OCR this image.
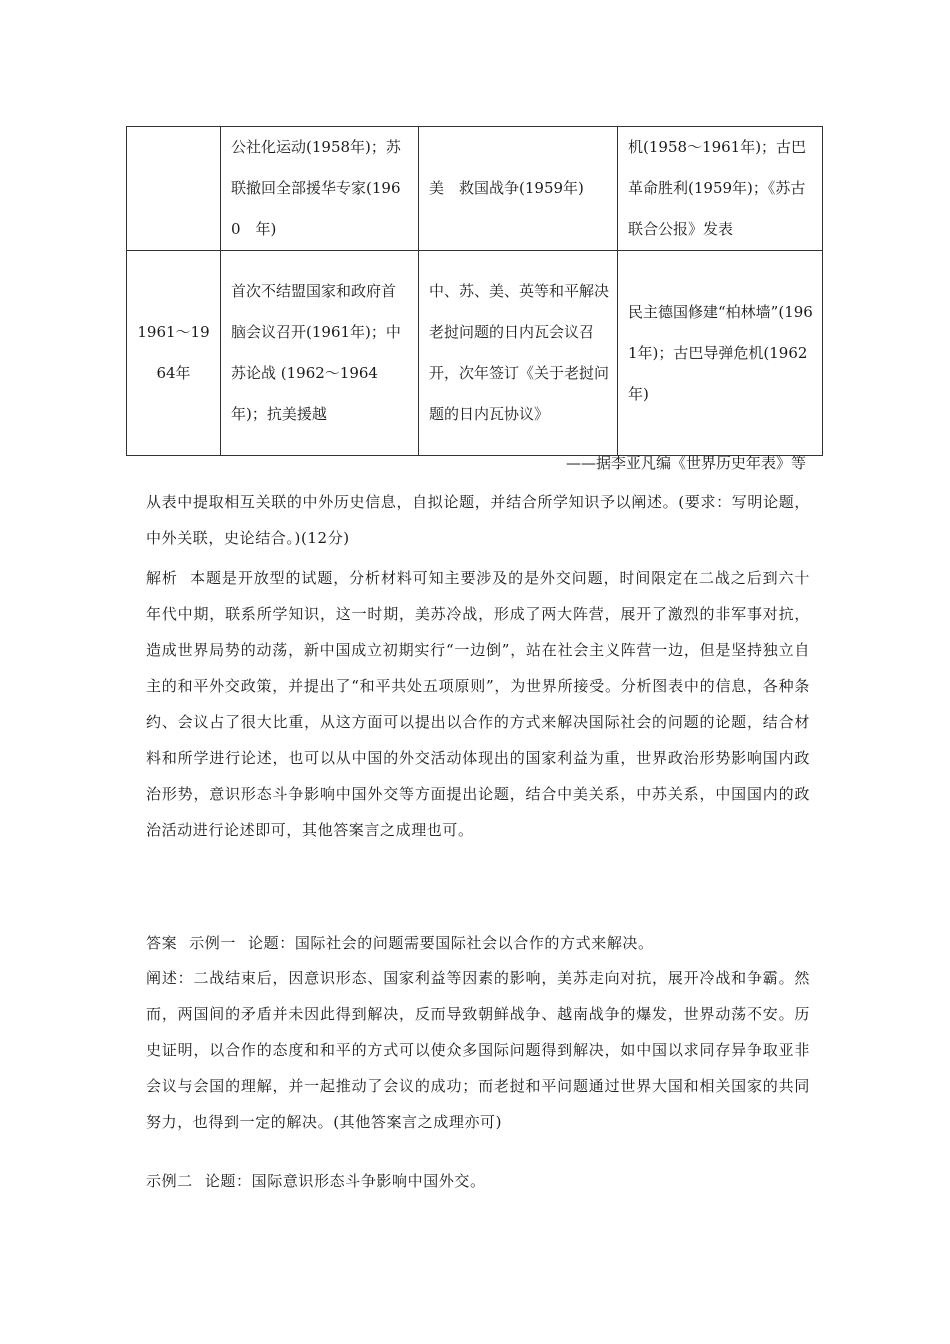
	公社化运动(1958年)；苏联撤回全部援华专家(1960　年)	美　救国战争(1959年)	机(1958～1961年)；古巴革命胜利(1959年)；《苏古联合公报》发表
1961～1964年	首次不结盟国家和政府首脑会议召开(1961年)；中苏论战 (1962～1964年)；抗美援越	中、苏、美、英等和平解决老挝问题的日内瓦会议召开，次年签订《关于老挝问题的日内瓦协议》	民主德国修建“柏林墙”(1961年)；古巴导弹危机(1962　年)
——据李亚凡编《世界历史年表》等
从表中提取相互关联的中外历史信息，自拟论题，并结合所学知识予以阐述。(要求：写明论题，中外关联，史论结合。)(12分)
解析 本题是开放型的试题，分析材料可知主要涉及的是外交问题，时间限定在二战之后到六十年代中期，联系所学知识，这一时期，美苏冷战，形成了两大阵营，展开了激烈的非军事对抗，造成世界局势的动荡，新中国成立初期实行“一边倒”，站在社会主义阵营一边，但是坚持独立自主的和平外交政策，并提出了“和平共处五项原则”，为世界所接受。分析图表中的信息，各种条约、会议占了很大比重，从这方面可以提出以合作的方式来解决国际社会的问题的论题，结合材料和所学进行论述，也可以从中国的外交活动体现出的国家利益为重，世界政治形势影响国内政治形势，意识形态斗争影响中国外交等方面提出论题，结合中美关系，中苏关系，中国国内的政治活动进行论述即可，其他答案言之成理也可。
答案 示例一 论题：国际社会的问题需要国际社会以合作的方式来解决。
阐述：二战结束后，因意识形态、国家利益等因素的影响，美苏走向对抗，展开冷战和争霸。然而，两国间的矛盾并未因此得到解决，反而导致朝鲜战争、越南战争的爆发，世界动荡不安。历史证明，以合作的态度和和平的方式可以使众多国际问题得到解决，如中国以求同存异争取亚非会议与会国的理解，并一起推动了会议的成功；而老挝和平问题通过世界大国和相关国家的共同努力，也得到一定的解决。(其他答案言之成理亦可)
示例二 论题：国际意识形态斗争影响中国外交。
